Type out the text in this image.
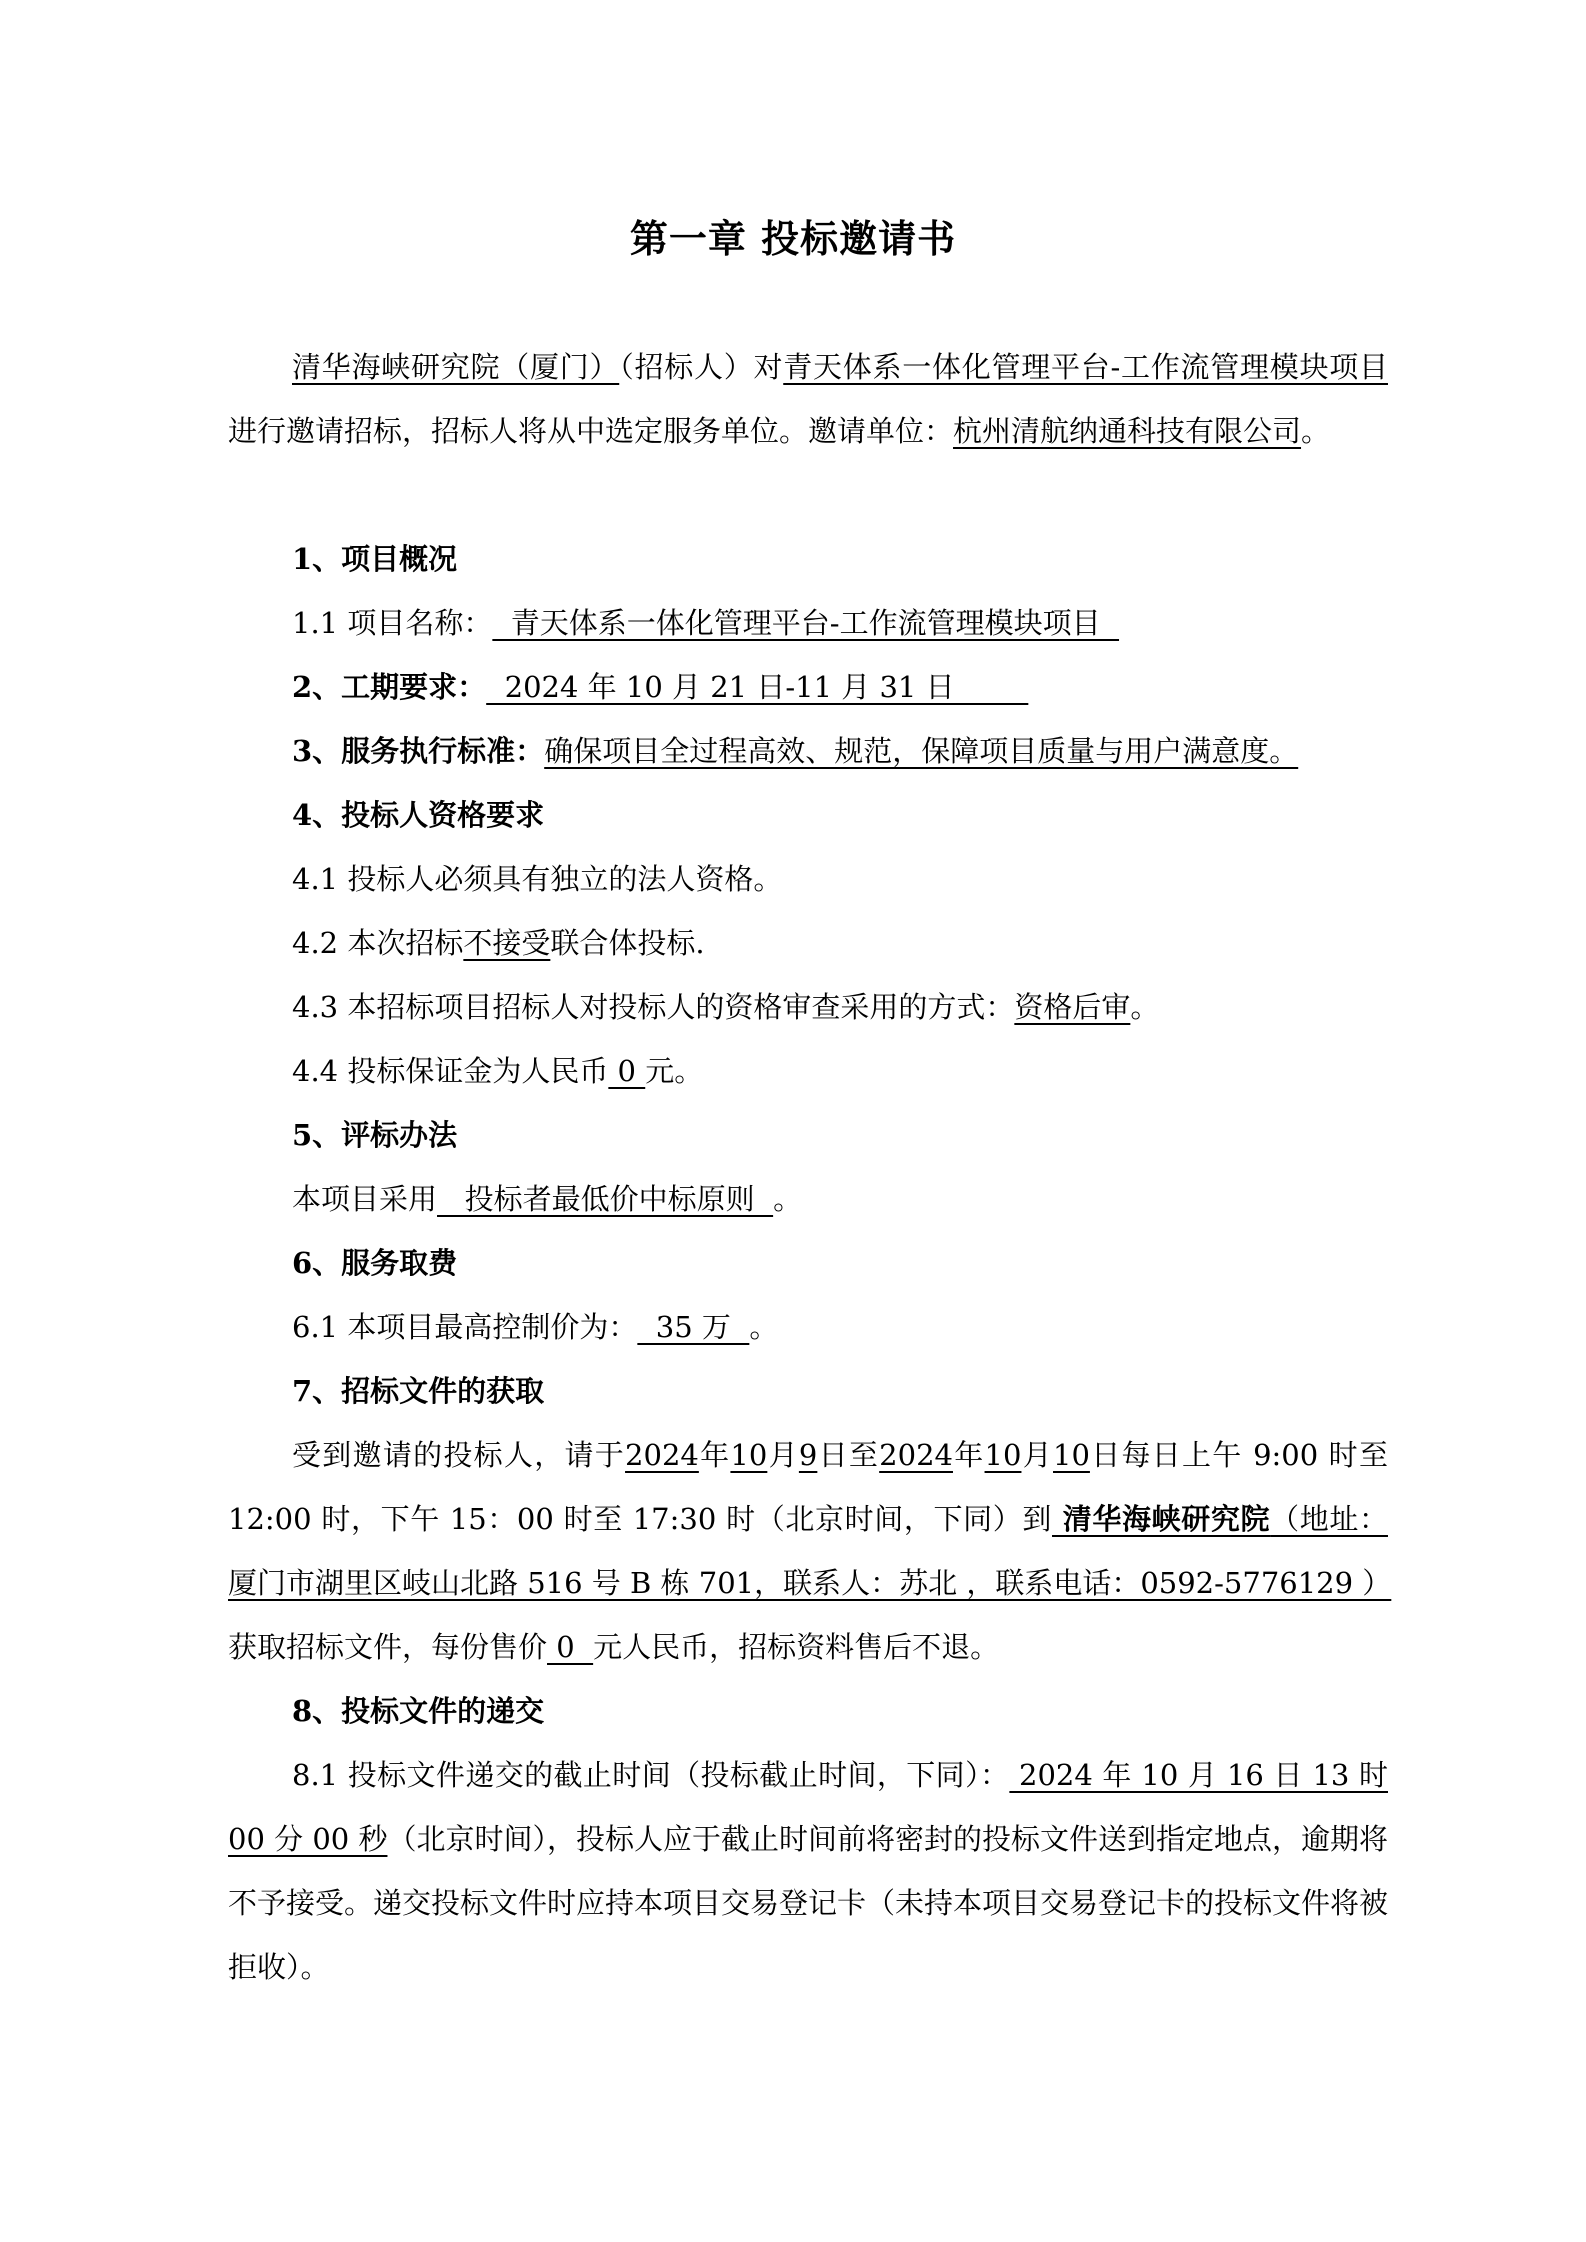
第一章 投标邀请书
清华海峡研究院（厦门）（招标人）对青天体系一体化管理平台-工作流管理模块项目进行邀请招标，招标人将从中选定服务单位。邀请单位：杭州清航纳通科技有限公司。
1、项目概况
1.1 项目名称：  青天体系一体化管理平台-工作流管理模块项目
2、工期要求：  2024 年 10 月 21 日-11 月 31 日
3、服务执行标准：确保项目全过程高效、规范，保障项目质量与用户满意度。
4、投标人资格要求
4.1 投标人必须具有独立的法人资格。
4.2 本次招标不接受联合体投标.
4.3 本招标项目招标人对投标人的资格审查采用的方式：资格后审。
4.4 投标保证金为人民币 0 元。
5、评标办法
本项目采用   投标者最低价中标原则  。
6、服务取费
6.1 本项目最高控制价为：  35 万  。
7、招标文件的获取
受到邀请的投标人，请于2024年10月9日至2024年10月10日每日上午 9:00 时至 12:00 时，下午 15：00 时至 17:30 时（北京时间，下同）到 清华海峡研究院（地址：厦门市湖里区岐山北路 516 号 B 栋 701，联系人：苏北 ，联系电话：0592-5776129 ）获取招标文件，每份售价 0  元人民币，招标资料售后不退。
8、投标文件的递交
8.1 投标文件递交的截止时间（投标截止时间，下同）： 2024 年 10 月 16 日 13 时 00 分 00 秒（北京时间），投标人应于截止时间前将密封的投标文件送到指定地点，逾期将不予接受。递交投标文件时应持本项目交易登记卡（未持本项目交易登记卡的投标文件将被拒收）。
